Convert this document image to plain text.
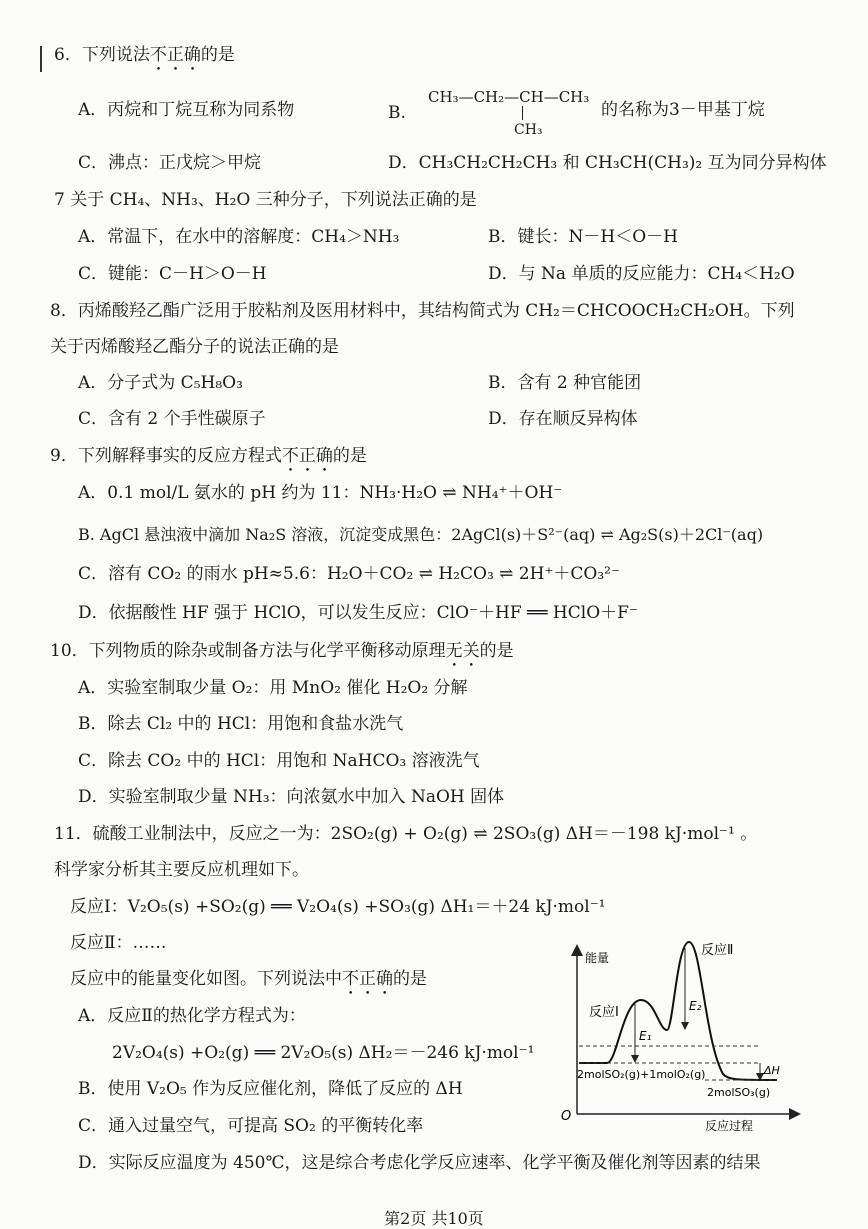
6．下列说法不正确的是
A．丙烷和丁烷互称为同系物	B.
CH₃—CH₂—CH—CH₃
CH₃
的名称为3－甲基丁烷
C．沸点：正戊烷＞甲烷	D．CH₃CH₂CH₂CH₃ 和 CH₃CH(CH₃)₂ 互为同分异构体
7 关于 CH₄、NH₃、H₂O 三种分子，下列说法正确的是
A．常温下，在水中的溶解度：CH₄＞NH₃	B．键长：N－H＜O－H
C．键能：C－H＞O－H	D．与 Na 单质的反应能力：CH₄＜H₂O
8．丙烯酸羟乙酯广泛用于胶粘剂及医用材料中，其结构简式为 CH₂＝CHCOOCH₂CH₂OH。下列
关于丙烯酸羟乙酯分子的说法正确的是
A．分子式为 C₅H₈O₃	B．含有 2 种官能团
C．含有 2 个手性碳原子	D．存在顺反异构体
9．下列解释事实的反应方程式不正确的是
A．0.1 mol/L 氨水的 pH 约为 11：NH₃·H₂O ⇌ NH₄⁺＋OH⁻
B. AgCl 悬浊液中滴加 Na₂S 溶液，沉淀变成黑色：2AgCl(s)＋S²⁻(aq) ⇌ Ag₂S(s)＋2Cl⁻(aq)
C．溶有 CO₂ 的雨水 pH≈5.6：H₂O＋CO₂ ⇌ H₂CO₃ ⇌ 2H⁺＋CO₃²⁻
D．依据酸性 HF 强于 HClO，可以发生反应：ClO⁻＋HF ══ HClO＋F⁻
10．下列物质的除杂或制备方法与化学平衡移动原理无关的是
A．实验室制取少量 O₂：用 MnO₂ 催化 H₂O₂ 分解
B．除去 Cl₂ 中的 HCl：用饱和食盐水洗气
C．除去 CO₂ 中的 HCl：用饱和 NaHCO₃ 溶液洗气
D．实验室制取少量 NH₃：向浓氨水中加入 NaOH 固体
11．硫酸工业制法中，反应之一为：2SO₂(g) + O₂(g) ⇌ 2SO₃(g) ΔH＝－198 kJ·mol⁻¹ 。
科学家分析其主要反应机理如下。
反应Ⅰ：V₂O₅(s) +SO₂(g) ══ V₂O₄(s) +SO₃(g) ΔH₁＝＋24 kJ·mol⁻¹
反应Ⅱ：……
反应中的能量变化如图。下列说法中不正确的是
A．反应Ⅱ的热化学方程式为：
2V₂O₄(s) +O₂(g) ══ 2V₂O₅(s) ΔH₂＝－246 kJ·mol⁻¹
B．使用 V₂O₅ 作为反应催化剂，降低了反应的 ΔH
C．通入过量空气，可提高 SO₂ 的平衡转化率
D．实际反应温度为 450℃，这是综合考虑化学反应速率、化学平衡及催化剂等因素的结果
能量
反应过程
O
E₁
E₂
ΔH
反应Ⅰ
反应Ⅱ
2molSO₂(g)+1molO₂(g)
2molSO₃(g)
第2页 共10页
